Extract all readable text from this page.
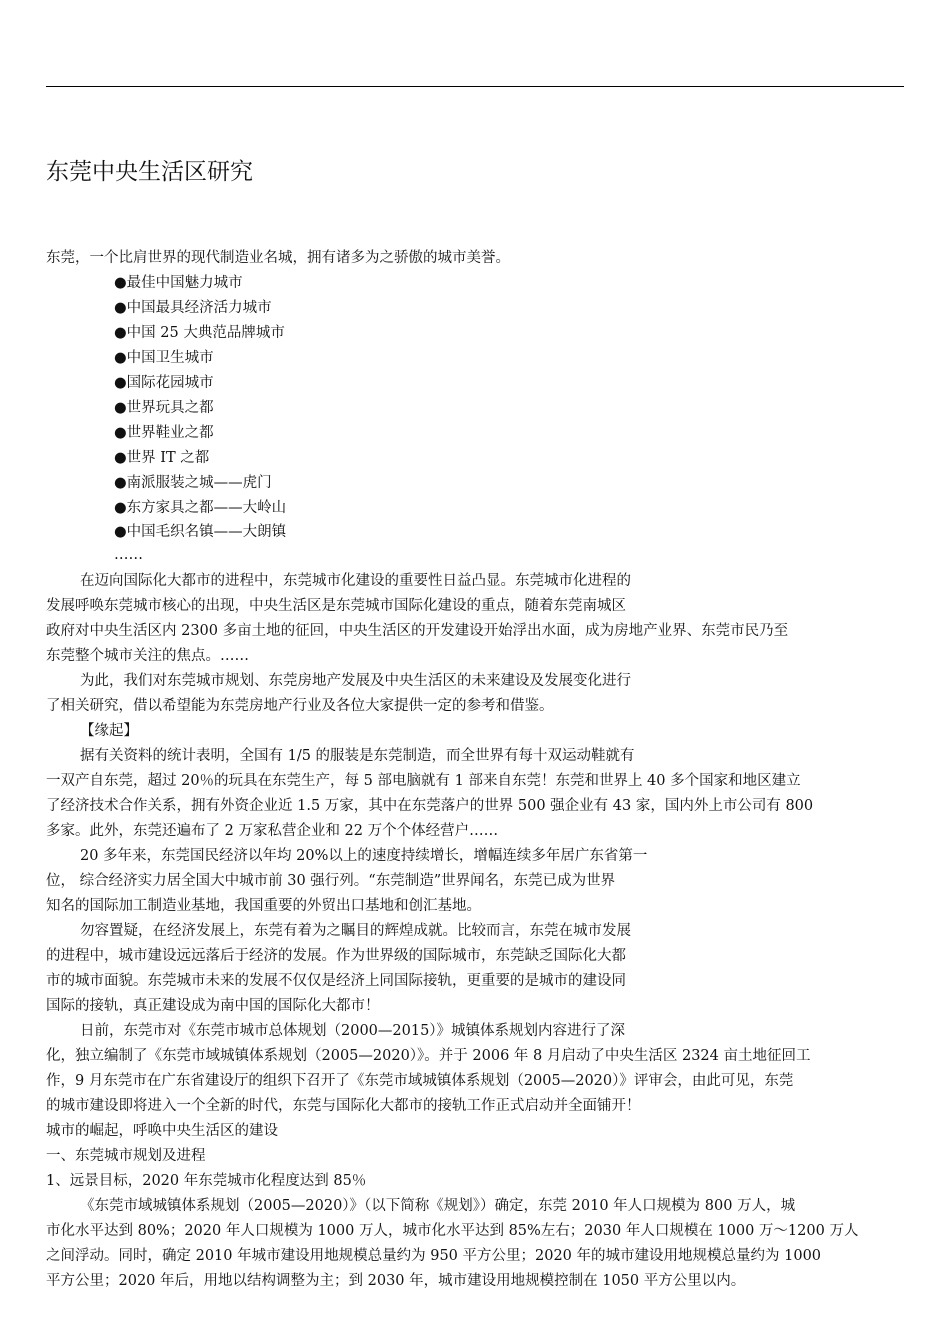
东莞中央生活区研究
东莞，一个比肩世界的现代制造业名城，拥有诸多为之骄傲的城市美誉。
●最佳中国魅力城市
●中国最具经济活力城市
●中国 25 大典范品牌城市
●中国卫生城市
●国际花园城市
●世界玩具之都
●世界鞋业之都
●世界 IT 之都
●南派服装之城——虎门
●东方家具之都——大岭山
●中国毛织名镇——大朗镇
……
在迈向国际化大都市的进程中，东莞城市化建设的重要性日益凸显。东莞城市化进程的
发展呼唤东莞城市核心的出现，中央生活区是东莞城市国际化建设的重点，随着东莞南城区
政府对中央生活区内 2300 多亩土地的征回，中央生活区的开发建设开始浮出水面，成为房地产业界、东莞市民乃至
东莞整个城市关注的焦点。……
为此，我们对东莞城市规划、东莞房地产发展及中央生活区的未来建设及发展变化进行
了相关研究，借以希望能为东莞房地产行业及各位大家提供一定的参考和借鉴。
【缘起】
据有关资料的统计表明，全国有 1/5 的服装是东莞制造，而全世界有每十双运动鞋就有
一双产自东莞，超过 20％的玩具在东莞生产，每 5 部电脑就有 1 部来自东莞！东莞和世界上 40 多个国家和地区建立
了经济技术合作关系，拥有外资企业近 1.5 万家，其中在东莞落户的世界 500 强企业有 43 家，国内外上市公司有 800
多家。此外，东莞还遍布了 2 万家私营企业和 22 万个个体经营户……
20 多年来，东莞国民经济以年均 20%以上的速度持续增长，增幅连续多年居广东省第一
位， 综合经济实力居全国大中城市前 30 强行列。“东莞制造”世界闻名，东莞已成为世界
知名的国际加工制造业基地，我国重要的外贸出口基地和创汇基地。
勿容置疑，在经济发展上，东莞有着为之瞩目的辉煌成就。比较而言，东莞在城市发展
的进程中，城市建设远远落后于经济的发展。作为世界级的国际城市，东莞缺乏国际化大都
市的城市面貌。东莞城市未来的发展不仅仅是经济上同国际接轨，更重要的是城市的建设同
国际的接轨，真正建设成为南中国的国际化大都市！
日前，东莞市对《东莞市城市总体规划（2000—2015）》城镇体系规划内容进行了深
化，独立编制了《东莞市域城镇体系规划（2005—2020）》。并于 2006 年 8 月启动了中央生活区 2324 亩土地征回工
作，9 月东莞市在广东省建设厅的组织下召开了《东莞市域城镇体系规划（2005—2020）》评审会，由此可见，东莞
的城市建设即将进入一个全新的时代，东莞与国际化大都市的接轨工作正式启动并全面铺开！
城市的崛起，呼唤中央生活区的建设
一、东莞城市规划及进程
1、远景目标，2020 年东莞城市化程度达到 85％
《东莞市域城镇体系规划（2005—2020）》（以下简称《规划》）确定，东莞 2010 年人口规模为 800 万人，城
市化水平达到 80%；2020 年人口规模为 1000 万人，城市化水平达到 85%左右；2030 年人口规模在 1000 万～1200 万人
之间浮动。同时，确定 2010 年城市建设用地规模总量约为 950 平方公里；2020 年的城市建设用地规模总量约为 1000
平方公里；2020 年后，用地以结构调整为主；到 2030 年，城市建设用地规模控制在 1050 平方公里以内。
